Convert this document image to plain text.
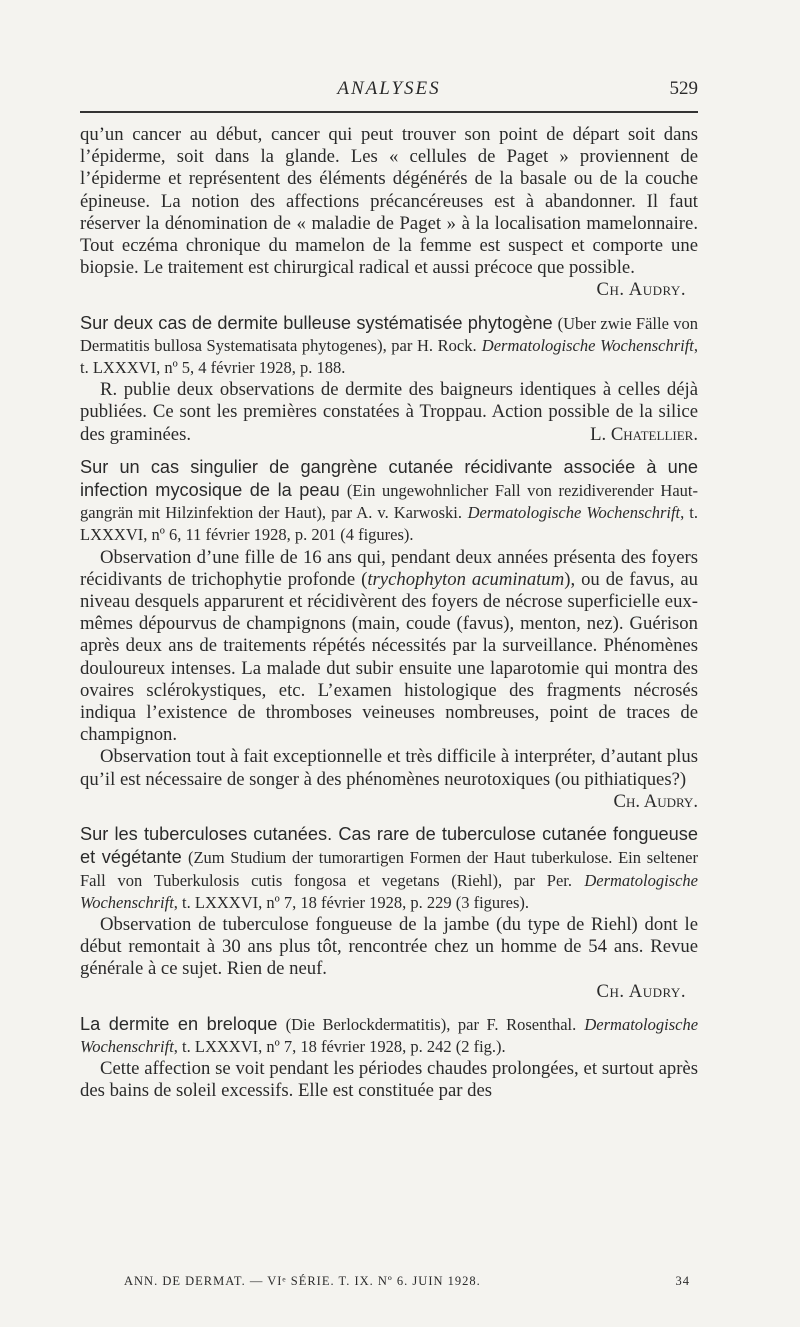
ANALYSES	529

qu’un cancer au début, cancer qui peut trouver son point de départ soit dans l’épiderme, soit dans la glande. Les « cellules de Paget » proviennent de l’épiderme et représentent des éléments dégénérés de la basale ou de la couche épineuse. La notion des affections précancéreuses est à abandonner. Il faut réserver la dénomination de « maladie de Paget » à la localisation mamelonnaire. Tout eczéma chronique du mamelon de la femme est suspect et comporte une biopsie. Le traitement est chirurgical radical et aussi précoce que possible.

Ch. Audry.

Sur deux cas de dermite bulleuse systématisée phytogène (Uber zwie Fälle von Dermatitis bullosa Systematisata phytogenes), par H. Rock. Dermatologische Wochenschrift, t. LXXXVI, nº 5, 4 février 1928, p. 188.

R. publie deux observations de dermite des baigneurs identiques à celles déjà publiées. Ce sont les premières constatées à Troppau. Action possible de la silice des graminées.	L. Chatellier.

Sur un cas singulier de gangrène cutanée récidivante associée à une infection mycosique de la peau (Ein ungewohnlicher Fall von rezidiverender Haut-gangrän mit Hilzinfektion der Haut), par A. v. Karwoski. Dermatologische Wochenschrift, t. LXXXVI, nº 6, 11 février 1928, p. 201 (4 figures).

Observation d’une fille de 16 ans qui, pendant deux années présenta des foyers récidivants de trichophytie profonde (trychophyton acuminatum), ou de favus, au niveau desquels apparurent et récidivèrent des foyers de nécrose superficielle eux-mêmes dépourvus de champignons (main, coude (favus), menton, nez). Guérison après deux ans de traitements répétés nécessités par la surveillance. Phénomènes douloureux intenses. La malade dut subir ensuite une laparotomie qui montra des ovaires sclérokystiques, etc. L’examen histologique des fragments nécrosés indiqua l’existence de thromboses veineuses nombreuses, point de traces de champignon.

Observation tout à fait exceptionnelle et très difficile à interpréter, d’autant plus qu’il est nécessaire de songer à des phénomènes neurotoxiques (ou pithiatiques?)
Ch. Audry.

Sur les tuberculoses cutanées. Cas rare de tuberculose cutanée fongueuse et végétante (Zum Studium der tumorartigen Formen der Haut tuberkulose. Ein seltener Fall von Tuberkulosis cutis fongosa et vegetans (Riehl), par Per. Dermatologische Wochenschrift, t. LXXXVI, nº 7, 18 février 1928, p. 229 (3 figures).

Observation de tuberculose fongueuse de la jambe (du type de Riehl) dont le début remontait à 30 ans plus tôt, rencontrée chez un homme de 54 ans. Revue générale à ce sujet. Rien de neuf.

Ch. Audry.

La dermite en breloque (Die Berlockdermatitis), par F. Rosenthal. Dermatologische Wochenschrift, t. LXXXVI, nº 7, 18 février 1928, p. 242 (2 fig.).

Cette affection se voit pendant les périodes chaudes prolongées, et surtout après des bains de soleil excessifs. Elle est constituée par des

ANN. DE DERMAT. — VIᵉ SÉRIE. T. IX. Nº 6. JUIN 1928.	34
